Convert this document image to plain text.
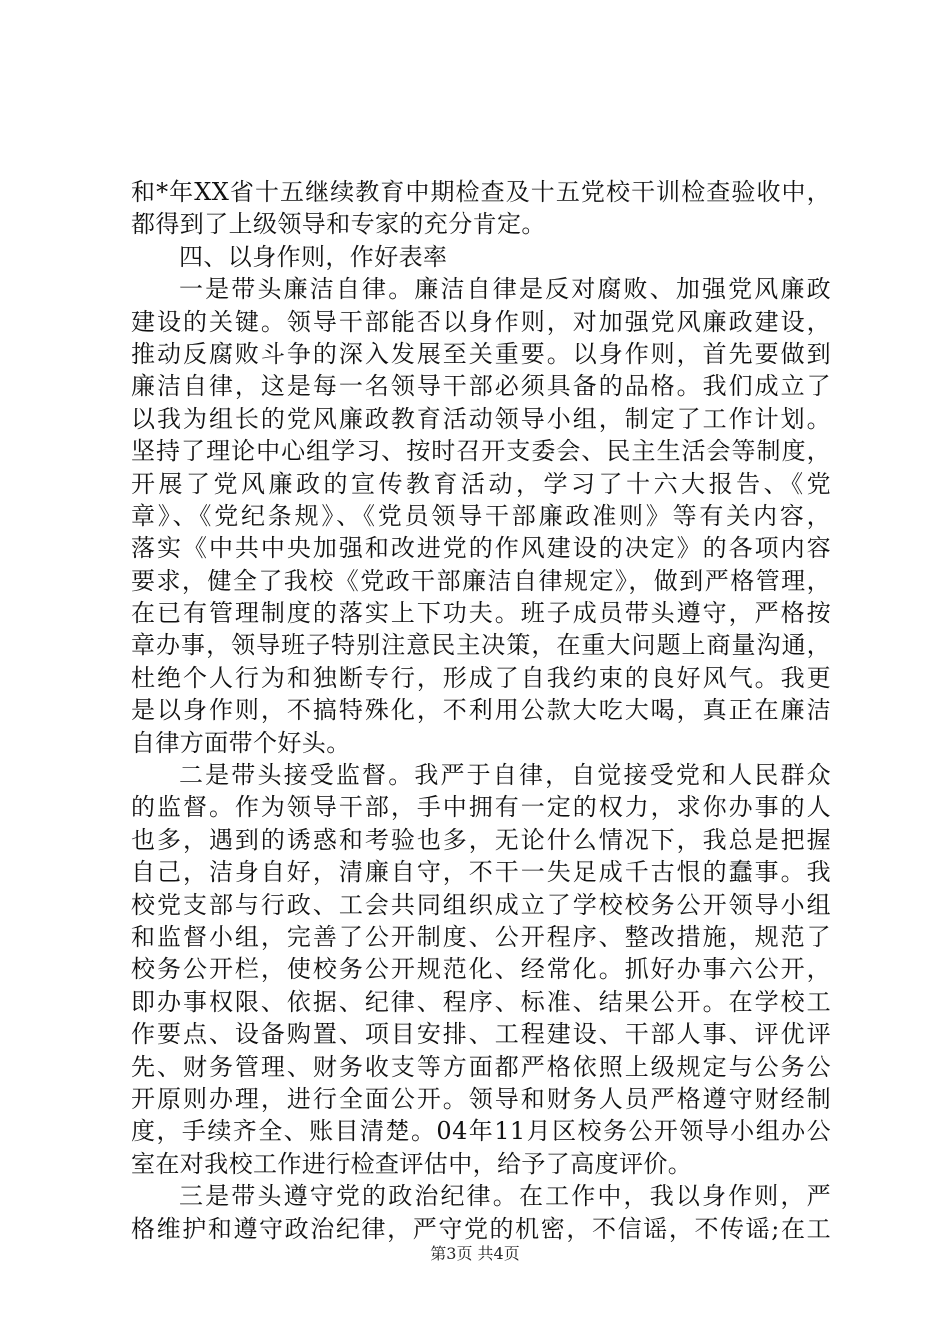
和*年XX省十五继续教育中期检查及十五党校干训检查验收中，
都得到了上级领导和专家的充分肯定。
四、以身作则，作好表率
一是带头廉洁自律。廉洁自律是反对腐败、加强党风廉政
建设的关键。领导干部能否以身作则，对加强党风廉政建设，
推动反腐败斗争的深入发展至关重要。以身作则，首先要做到
廉洁自律，这是每一名领导干部必须具备的品格。我们成立了
以我为组长的党风廉政教育活动领导小组，制定了工作计划。
坚持了理论中心组学习、按时召开支委会、民主生活会等制度，
开展了党风廉政的宣传教育活动，学习了十六大报告、《党
章》、《党纪条规》、《党员领导干部廉政准则》等有关内容，
落实《中共中央加强和改进党的作风建设的决定》的各项内容
要求，健全了我校《党政干部廉洁自律规定》，做到严格管理，
在已有管理制度的落实上下功夫。班子成员带头遵守，严格按
章办事，领导班子特别注意民主决策，在重大问题上商量沟通，
杜绝个人行为和独断专行，形成了自我约束的良好风气。我更
是以身作则，不搞特殊化，不利用公款大吃大喝，真正在廉洁
自律方面带个好头。
二是带头接受监督。我严于自律，自觉接受党和人民群众
的监督。作为领导干部，手中拥有一定的权力，求你办事的人
也多，遇到的诱惑和考验也多，无论什么情况下，我总是把握
自己，洁身自好，清廉自守，不干一失足成千古恨的蠢事。我
校党支部与行政、工会共同组织成立了学校校务公开领导小组
和监督小组，完善了公开制度、公开程序、整改措施，规范了
校务公开栏，使校务公开规范化、经常化。抓好办事六公开，
即办事权限、依据、纪律、程序、标准、结果公开。在学校工
作要点、设备购置、项目安排、工程建设、干部人事、评优评
先、财务管理、财务收支等方面都严格依照上级规定与公务公
开原则办理，进行全面公开。领导和财务人员严格遵守财经制
度，手续齐全、账目清楚。04年11月区校务公开领导小组办公
室在对我校工作进行检查评估中，给予了高度评价。
三是带头遵守党的政治纪律。在工作中，我以身作则，严
格维护和遵守政治纪律，严守党的机密，不信谣，不传谣;在工
第3页 共4页
